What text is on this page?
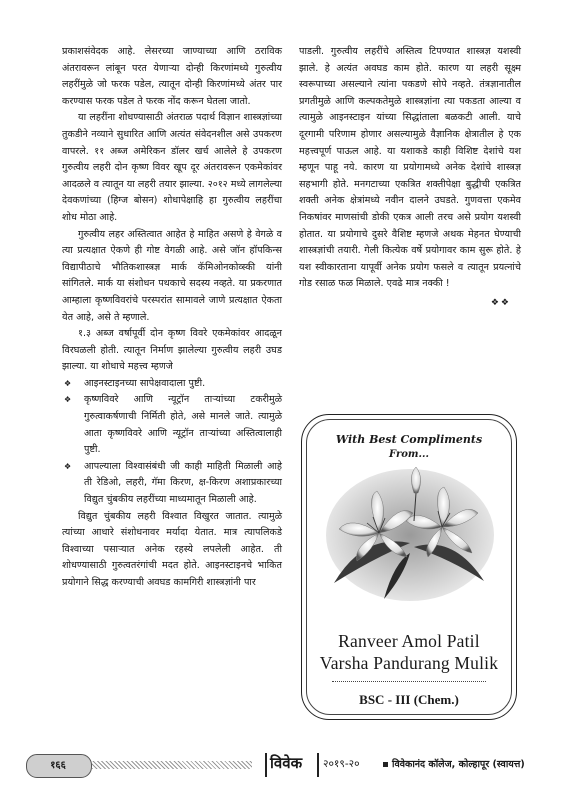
प्रकाशसंवेदक आहे. लेसरच्या जाण्याच्या आणि ठराविक अंतरावरून लांबून परत येणाऱ्या दोन्ही किरणांमध्ये गुरुत्वीय लहरींमुळे जो फरक पडेल, त्यातून दोन्ही किरणांमध्ये अंतर पार करण्यास फरक पडेल ते फरक नोंद करून घेतला जातो.

या लहरींना शोधण्यासाठी अंतराळ पदार्थ विज्ञान शास्त्रज्ञांच्या तुकडीने नव्याने सुधारित आणि अत्यंत संवेदनशील असे उपकरण वापरले. ११ अब्ज अमेरिकन डॉलर खर्च आलेले हे उपकरण गुरुत्वीय लहरी दोन कृष्ण विवर खूप दूर अंतरावरून एकमेकांवर आदळले व त्यातून या लहरी तयार झाल्या. २०१२ मध्ये लागलेल्या देवकणांच्या (हिग्ज बोसन) शोधापेक्षाहि हा गुरुत्वीय लहरींचा शोध मोठा आहे.

गुरुत्वीय लहर अस्तित्वात आहेत हे माहित असणे हे वेगळे व त्या प्रत्यक्षात ऐकणे ही गोष्ट वेगळी आहे. असे जॉन हॉपकिन्स विद्यापीठाचे भौतिकशास्त्रज्ञ मार्क कॅमिओनकोव्स्की यांनी सांगितले. मार्क या संशोधन पथकाचे सदस्य नव्हते. या प्रकरणात आम्हाला कृष्णविवरांचे परस्परांत सामावले जाणे प्रत्यक्षात ऐकता येत आहे, असे ते म्हणाले.

१.३ अब्ज वर्षापूर्वी दोन कृष्ण विवरे एकमेकांवर आदळून विरघळली होती. त्यातून निर्माण झालेल्या गुरुत्वीय लहरी उघड झाल्या. या शोधाचे महत्त्व म्हणजे

❖ आइनस्टाइनच्या सापेक्षवादाला पुष्टी.
❖ कृष्णविवरे आणि न्यूट्रॉन ताऱ्यांच्या टकरीमुळे गुरुत्वाकर्षणाची निर्मिती होते, असे मानले जाते. त्यामुळे आता कृष्णविवरे आणि न्यूट्रॉन ताऱ्यांच्या अस्तित्वालाही पुष्टी.
❖ आपल्याला विश्वासंबंधी जी काही माहिती मिळाली आहे ती रेडिओ, लहरी, गॅमा किरण, क्ष-किरण अशाप्रकारच्या विद्युत चुंबकीय लहरींच्या माध्यमातून मिळाली आहे.

विद्युत चुंबकीय लहरी विश्वात विखुरत जातात. त्यामुळे त्यांच्या आधारे संशोधनावर मर्यादा येतात. मात्र त्यापलिकडे विश्वाच्या पसाऱ्यात अनेक रहस्ये लपलेली आहेत. ती शोधण्यासाठी गुरुत्वतरंगांची मदत होते. आइनस्टाइनचे भाकित प्रयोगाने सिद्ध करण्याची अवघड कामगिरी शास्त्रज्ञांनी पार

पाडली. गुरुत्वीय लहरींचे अस्तित्व टिपण्यात शास्त्रज्ञ यशस्वी झाले. हे अत्यंत अवघड काम होते. कारण या लहरी सूक्ष्म स्वरूपाच्या असल्याने त्यांना पकडणे सोपे नव्हते. तंत्रज्ञानातील प्रगतीमुळे आणि कल्पकतेमुळे शास्त्रज्ञांना त्या पकडता आल्या व त्यामुळे आइनस्टाइन यांच्या सिद्धांताला बळकटी आली. याचे दूरगामी परिणाम होणार असल्यामुळे वैज्ञानिक क्षेत्रातील हे एक महत्त्वपूर्ण पाऊल आहे. या यशाकडे काही विशिष्ट देशांचे यश म्हणून पाहू नये. कारण या प्रयोगामध्ये अनेक देशांचे शास्त्रज्ञ सहभागी होते. मनगटाच्या एकत्रित शक्तीपेक्षा बुद्धीची एकत्रित शक्ती अनेक क्षेत्रांमध्ये नवीन दालने उघडते. गुणवत्ता एकमेव निकषांवर माणसांची डोकी एकत्र आली तरच असे प्रयोग यशस्वी होतात. या प्रयोगाचे दुसरे वैशिष्ट म्हणजे अथक मेहनत घेण्याची शास्त्रज्ञांची तयारी. गेली कित्येक वर्षे प्रयोगावर काम सुरू होते. हे यश स्वीकारताना यापूर्वी अनेक प्रयोग फसले व त्यातून प्रयत्नांचे गोड रसाळ फळ मिळाले. एवढे मात्र नक्की !

❖❖
With Best Compliments
From...
Ranveer Amol Patil
Varsha Pandurang Mulik
BSC - III (Chem.)
१६६	विवेक २०१९-२०	विवेकानंद कॉलेज, कोल्हापूर (स्वायत्त)
